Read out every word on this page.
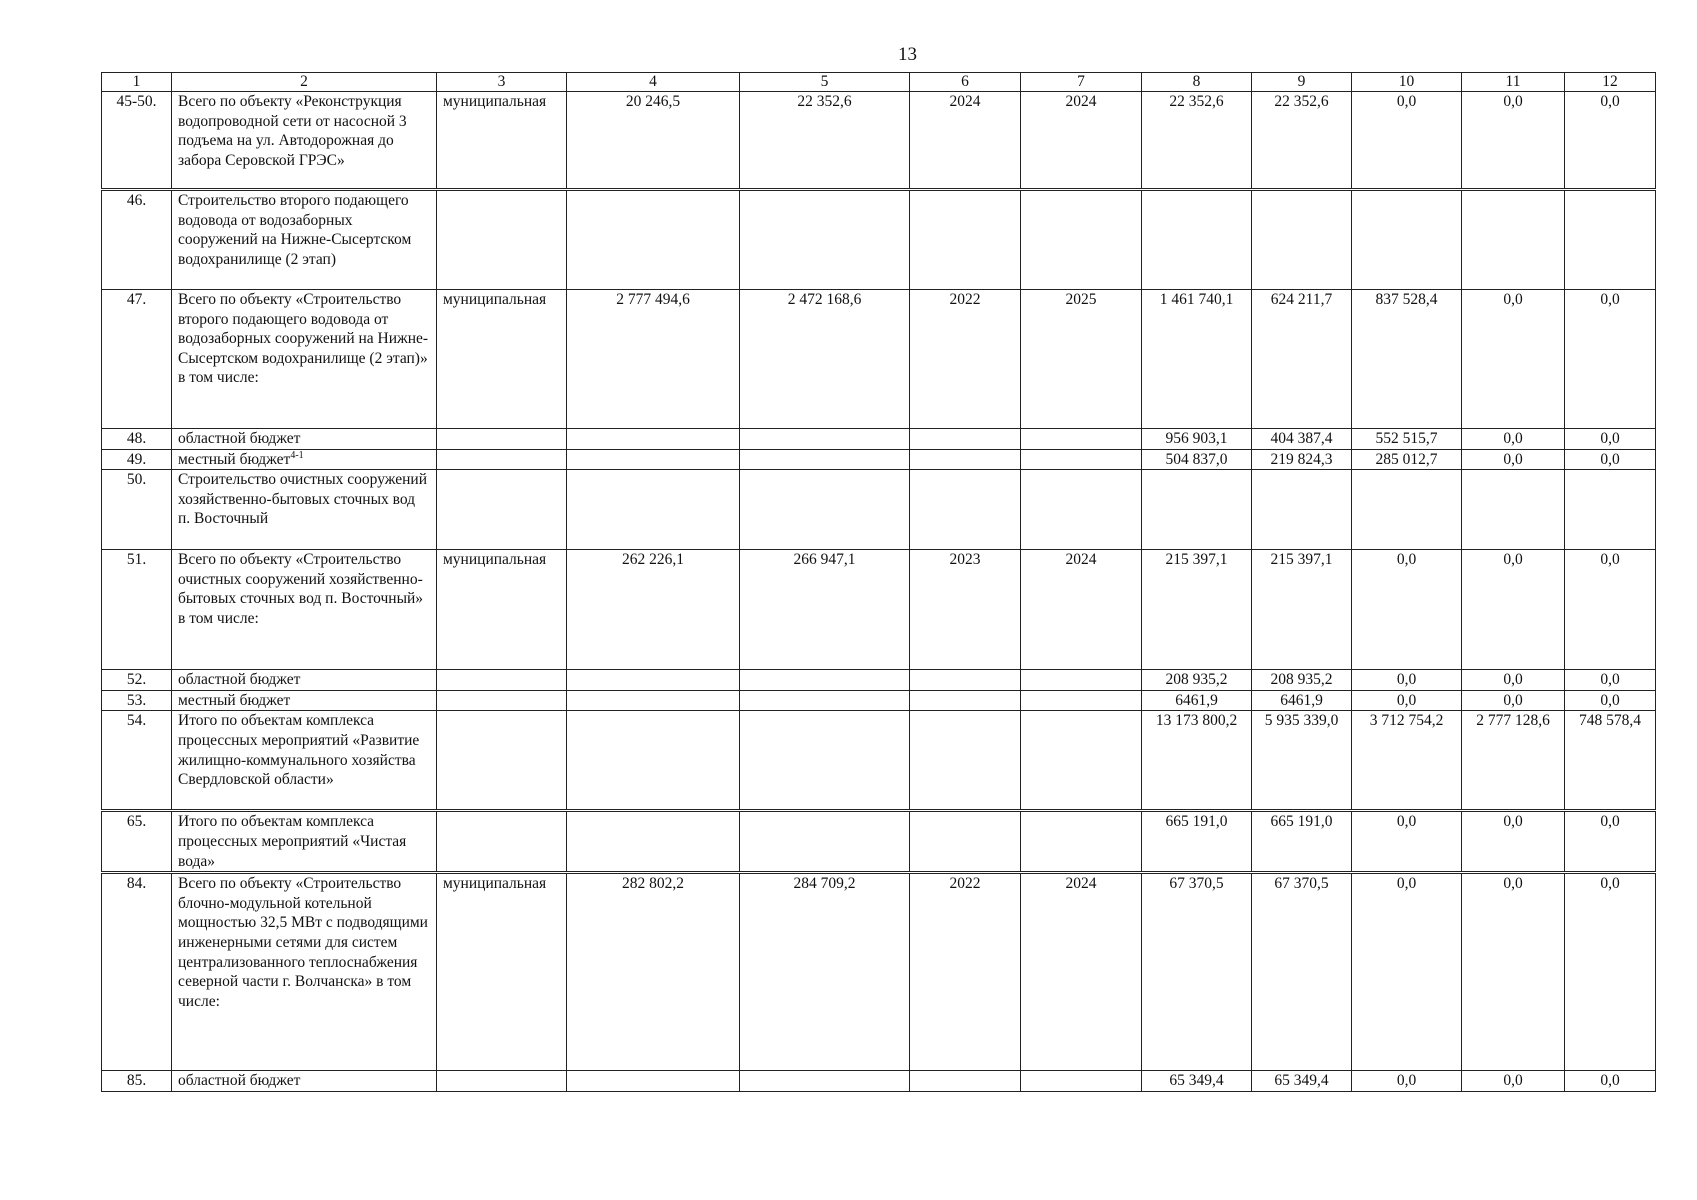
13
1	2	3	4	5	6	7	8	9	10	11	12
45-50.	Всего по объекту «Реконструкция водопроводной сети от насосной 3 подъема на ул. Автодорожная до забора Серовской ГРЭС»	муниципальная	20 246,5	22 352,6	2024	2024	22 352,6	22 352,6	0,0	0,0	0,0
46.	Строительство второго подающего водовода от водозаборных сооружений на Нижне-Сысертском водохранилище (2 этап)										
47.	Всего по объекту «Строительство второго подающего водовода от водозаборных сооружений на Нижне-Сысертском водохранилище (2 этап)» в том числе:	муниципальная	2 777 494,6	2 472 168,6	2022	2025	1 461 740,1	624 211,7	837 528,4	0,0	0,0
48.	областной бюджет						956 903,1	404 387,4	552 515,7	0,0	0,0
49.	местный бюджет$^{4-1}$						504 837,0	219 824,3	285 012,7	0,0	0,0
50.	Строительство очистных сооружений хозяйственно-бытовых сточных вод п. Восточный										
51.	Всего по объекту «Строительство очистных сооружений хозяйственно-бытовых сточных вод п. Восточный» в том числе:	муниципальная	262 226,1	266 947,1	2023	2024	215 397,1	215 397,1	0,0	0,0	0,0
52.	областной бюджет						208 935,2	208 935,2	0,0	0,0	0,0
53.	местный бюджет						6461,9	6461,9	0,0	0,0	0,0
54.	Итого по объектам комплекса процессных мероприятий «Развитие жилищно-коммунального хозяйства Свердловской области»						13 173 800,2	5 935 339,0	3 712 754,2	2 777 128,6	748 578,4
65.	Итого по объектам комплекса процессных мероприятий «Чистая вода»						665 191,0	665 191,0	0,0	0,0	0,0
84.	Всего по объекту «Строительство блочно-модульной котельной мощностью 32,5 МВт с подводящими инженерными сетями для систем централизованного теплоснабжения северной части г. Волчанска» в том числе:	муниципальная	282 802,2	284 709,2	2022	2024	67 370,5	67 370,5	0,0	0,0	0,0
85.	областной бюджет						65 349,4	65 349,4	0,0	0,0	0,0
